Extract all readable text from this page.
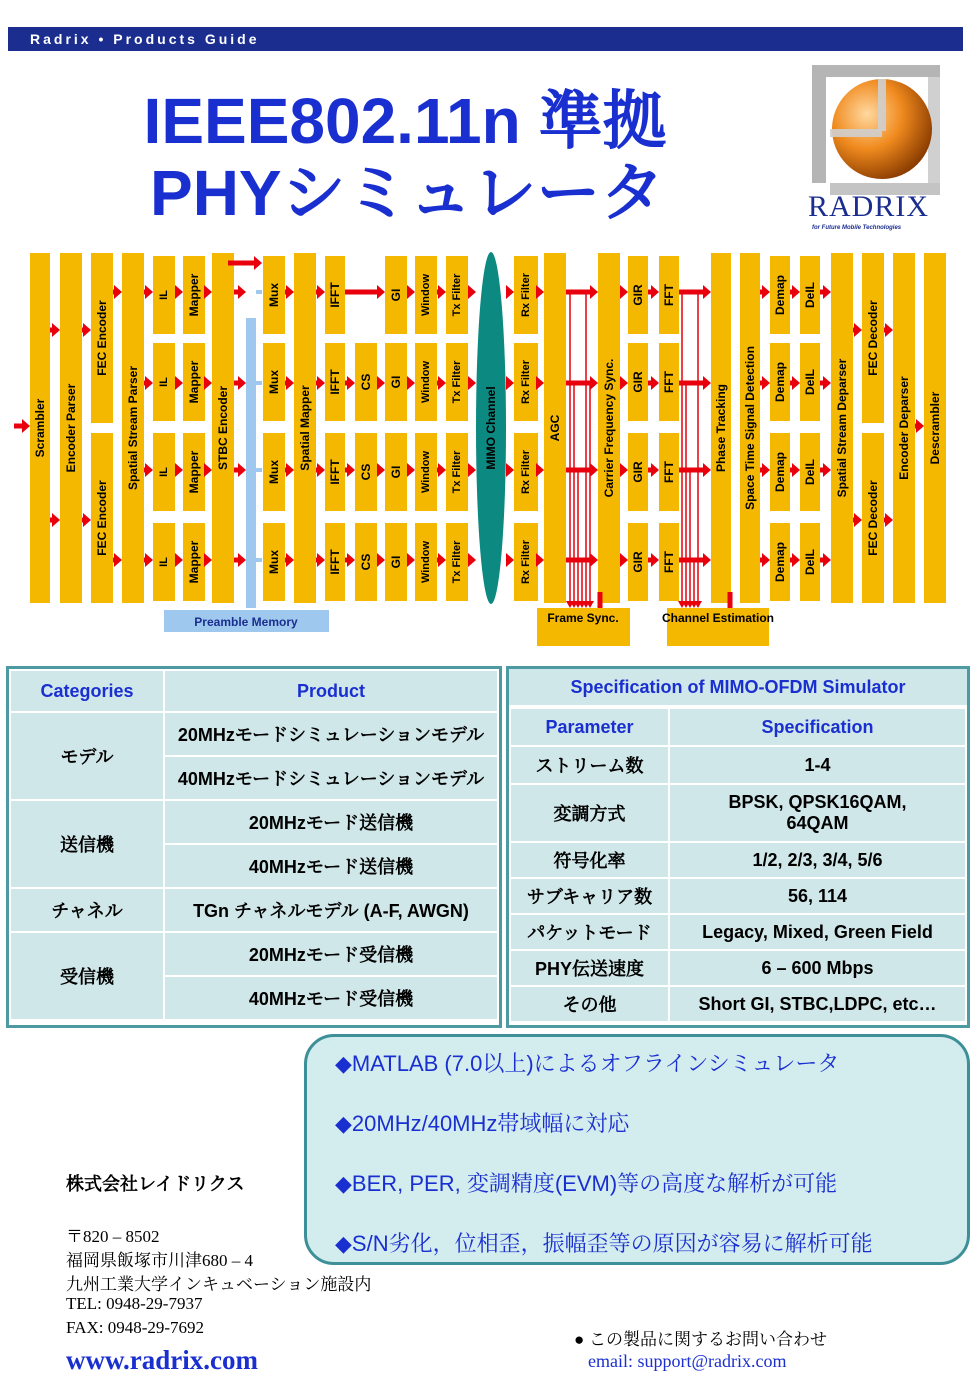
Radrix • Products Guide
IEEE802.11n 準拠
PHYシミュレータ	RADRIX
for Future Mobile Technologies
Scrambler Encoder Parser
FEC Encoder
FEC Encoder
Spatial Stream Parser	STBC Encoder	Spatial Mapper	AGC	Carrier Frequency Sync.	Phase Tracking Space Time Signal Detection	Spatial Stream Deparser
FEC Decoder
FEC Decoder
Encoder Deparser Descrambler
IL Mapper	Mux	IFFT	GI Window Tx Filter	Rx Filter	GIR FFT	Demap DeIL
IL Mapper	Mux	IFFT	GI Window Tx Filter	Rx Filter	GIR FFT	Demap DeIL
IL Mapper	Mux	IFFT	GI Window Tx Filter	Rx Filter	GIR FFT	Demap DeIL
IL Mapper	Mux	IFFT	GI Window Tx Filter	Rx Filter	GIR FFT	Demap DeIL
CS
CS
CS
MIMO Channel
Preamble Memory	Frame Sync.	Channel Estimation
Categories	Product
モデル	20MHzモードシミュレーションモデル
	40MHzモードシミュレーションモデル
送信機	20MHzモード送信機
	40MHzモード送信機
チャネル	TGn チャネルモデル (A-F, AWGN)
受信機	20MHzモード受信機
	40MHzモード受信機
Specification of MIMO-OFDM Simulator
Parameter	Specification
ストリーム数	1-4
変調方式	BPSK, QPSK16QAM,
64QAM
符号化率	1/2, 2/3, 3/4, 5/6
サブキャリア数	56, 114
パケットモード	Legacy, Mixed, Green Field
PHY伝送速度	6 – 600 Mbps
その他	Short GI, STBC,LDPC, etc…
◆MATLAB (7.0以上)によるオフラインシミュレータ
◆20MHz/40MHz帯域幅に対応
◆BER, PER, 変調精度(EVM)等の高度な解析が可能
◆S/N劣化，位相歪，振幅歪等の原因が容易に解析可能
株式会社レイドリクス
〒820 – 8502
福岡県飯塚市川津680 – 4
九州工業大学インキュベーション施設内
TEL: 0948-29-7937
FAX: 0948-29-7692
www.radrix.com
● この製品に関するお問い合わせ
email: support@radrix.com
